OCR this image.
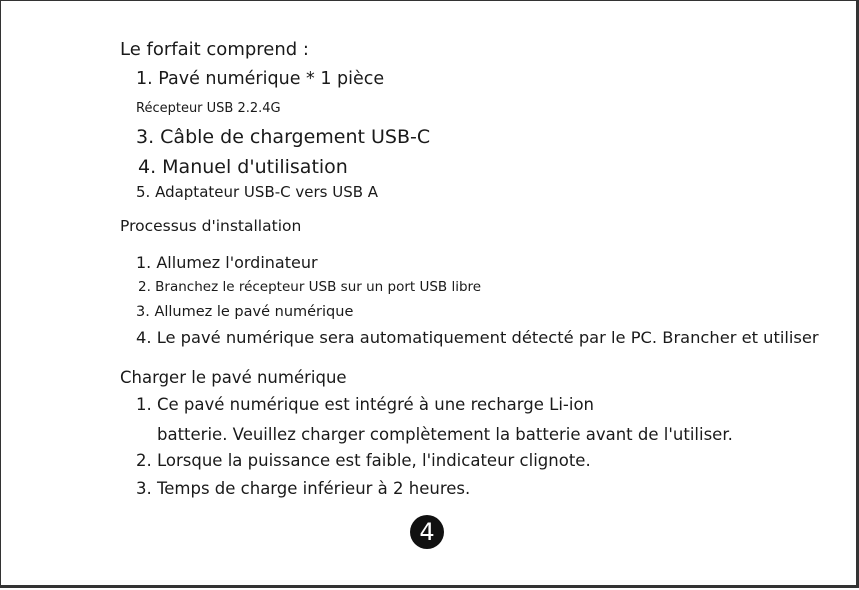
Le forfait comprend :
1. Pavé numérique * 1 pièce
Récepteur USB 2.2.4G
3. Câble de chargement USB-C
4. Manuel d'utilisation
5. Adaptateur USB-C vers USB A
Processus d'installation
1. Allumez l'ordinateur
2. Branchez le récepteur USB sur un port USB libre
3. Allumez le pavé numérique
4. Le pavé numérique sera automatiquement détecté par le PC. Brancher et utiliser
Charger le pavé numérique
1. Ce pavé numérique est intégré à une recharge Li-ion
batterie. Veuillez charger complètement la batterie avant de l'utiliser.
2. Lorsque la puissance est faible, l'indicateur clignote.
3. Temps de charge inférieur à 2 heures.
4
